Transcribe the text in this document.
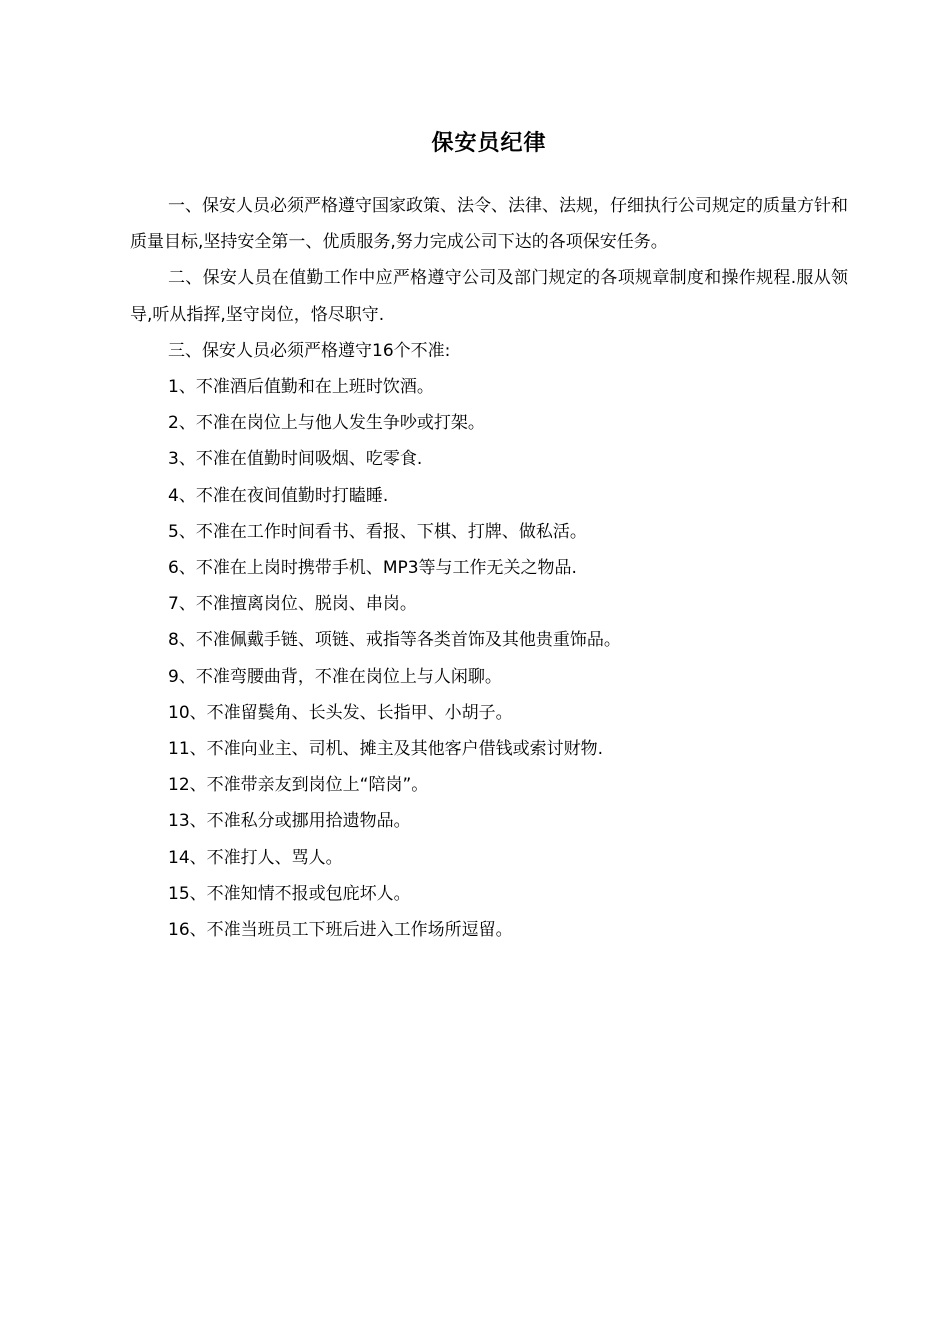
保安员纪律

一、保安人员必须严格遵守国家政策、法令、法律、法规，仔细执行公司规定的质量方针和质量目标,坚持安全第一、优质服务,努力完成公司下达的各项保安任务。

二、保安人员在值勤工作中应严格遵守公司及部门规定的各项规章制度和操作规程.服从领导,听从指挥,坚守岗位，恪尽职守.

三、保安人员必须严格遵守16个不准:

1、不准酒后值勤和在上班时饮酒。
2、不准在岗位上与他人发生争吵或打架。
3、不准在值勤时间吸烟、吃零食.
4、不准在夜间值勤时打瞌睡.
5、不准在工作时间看书、看报、下棋、打牌、做私活。
6、不准在上岗时携带手机、MP3等与工作无关之物品.
7、不准擅离岗位、脱岗、串岗。
8、不准佩戴手链、项链、戒指等各类首饰及其他贵重饰品。
9、不准弯腰曲背，不准在岗位上与人闲聊。
10、不准留鬓角、长头发、长指甲、小胡子。
11、不准向业主、司机、摊主及其他客户借钱或索讨财物.
12、不准带亲友到岗位上“陪岗”。
13、不准私分或挪用拾遗物品。
14、不准打人、骂人。
15、不准知情不报或包庇坏人。
16、不准当班员工下班后进入工作场所逗留。
